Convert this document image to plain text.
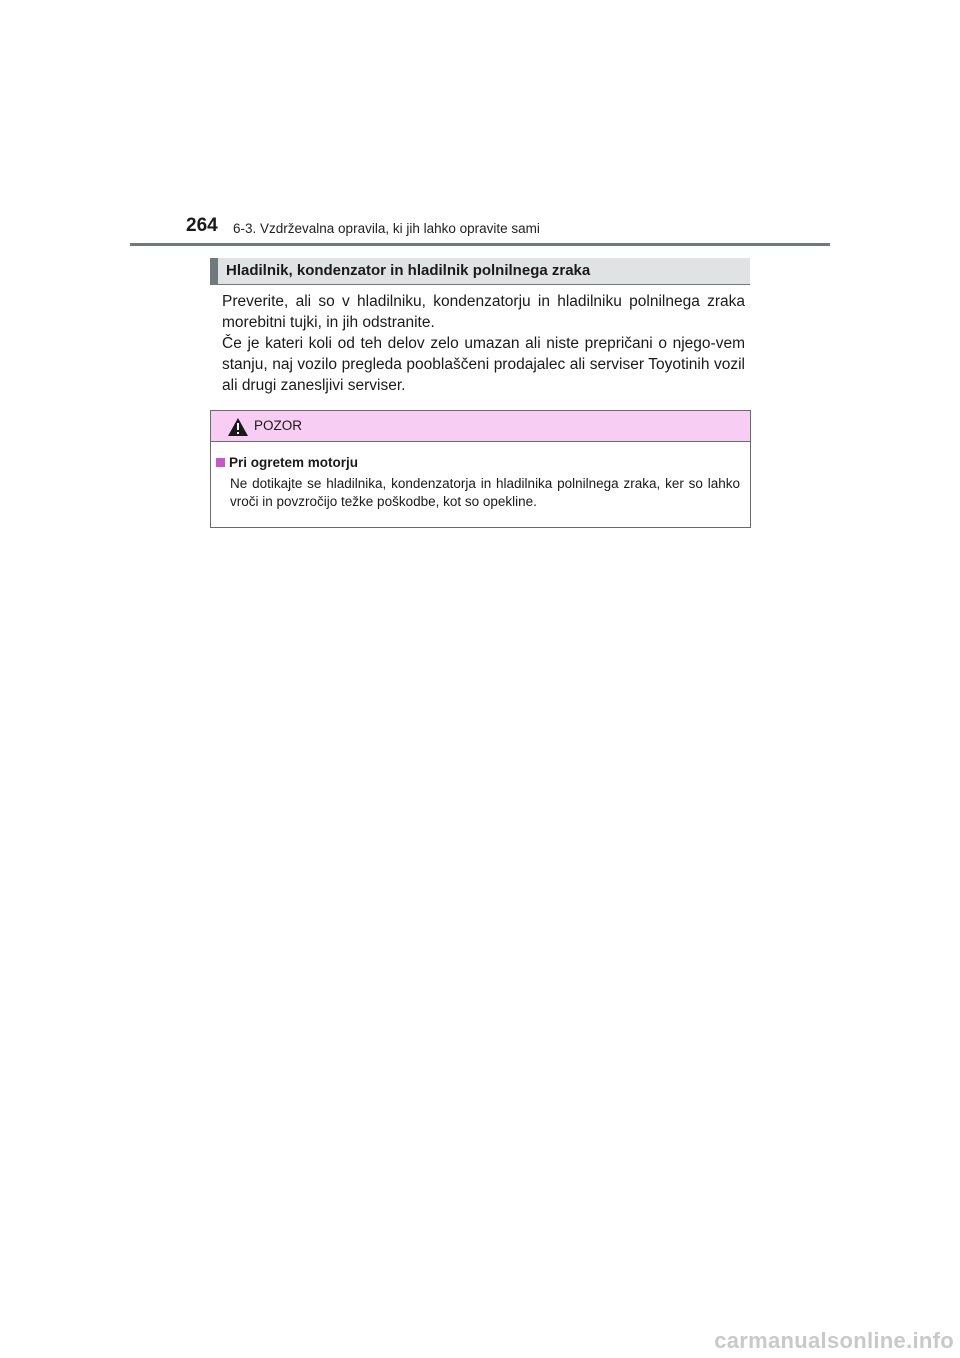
264 6-3. Vzdrževalna opravila, ki jih lahko opravite sami
Hladilnik, kondenzator in hladilnik polnilnega zraka

Preverite, ali so v hladilniku, kondenzatorju in hladilniku polnilnega zraka morebitni tujki, in jih odstranite.

Če je kateri koli od teh delov zelo umazan ali niste prepričani o njego-vem stanju, naj vozilo pregleda pooblaščeni prodajalec ali serviser Toyotinih vozil ali drugi zanesljivi serviser.

POZOR
Pri ogretem motorju
Ne dotikajte se hladilnika, kondenzatorja in hladilnika polnilnega zraka, ker so lahko vroči in povzročijo težke poškodbe, kot so opekline.
carmanualsonline.info
